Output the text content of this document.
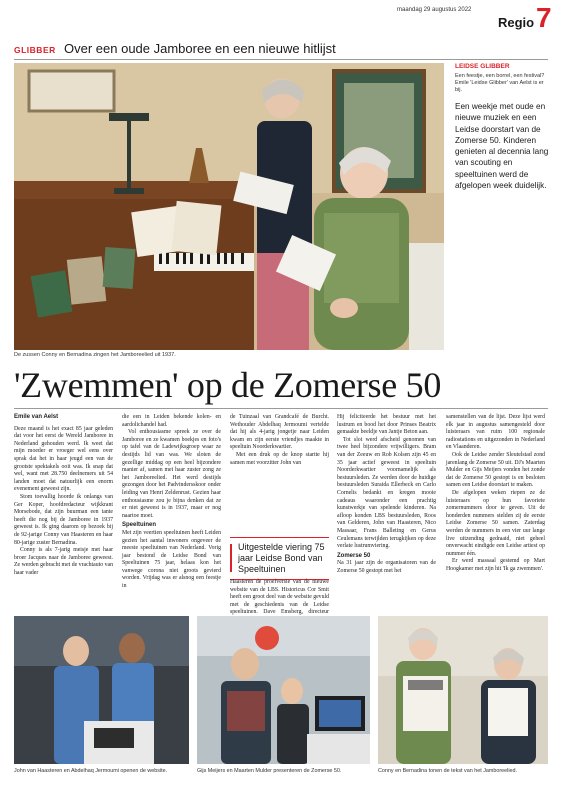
maandag 29 augustus 2022
Regio 7
GLIBBER Over een oude Jamboree en een nieuwe hitlijst
De zussen Conny en Bernadina zingen het Jamboreelied uit 1937.
LEIDSE GLIBBER
Een feestje, een borrel, een festival? Emile 'Leidse Glibber' van Aelst is er bij.
Een weekje met oude en nieuwe muziek en een Leidse doorstart van de Zomerse 50. Kinderen genieten al decennia lang van scouting en speeltuinen werd de afgelopen week duidelijk.
'Zwemmen' op de Zomerse 50

Emile van Aelst

Deze maand is het exact 85 jaar geleden dat voor het eerst de Wereld Jamboree in Nederland gehouden werd. Ik weet dat mijn moeder er vroeger wel eens over sprak dat het in haar jeugd een van de grootste spektakels ooit was. Ik snap dat wel, want met 28.750 deelnemers uit 54 landen moet dat natuurlijk een enorm evenement geweest zijn.

Stom toevallig hoorde ik onlangs van Ger Koper, hoofdredacteur wijkkrant Morsebode, dat zijn buurman een tante heeft die nog bij de Jamboree in 1937 geweest is. Ik ging daarom op bezoek bij de 92-jarige Conny van Haasteren en haar 80-jarige zuster Bernadina.

Conny is als 7-jarig meisje met haar broer Jacques naar de Jamboree geweest. Ze werden gebracht met de vrachtauto van haar vader

die een in Leiden bekende kolen- en aardolichandel had.

Vol enthousiasme spreek ze over de Jamboree en ze kwamen boekjes en foto's op tafel van de Ladewijksgroep waar ze destijds lid van was. We sloten de gezellige middag op een heel bijzondere manier af, samen met haar zuster zong ze het Jamboreelied. Het werd destijds gezongen door het Padvindersskoor onder leiding van Henri Zeldenrust. Gezien haar enthousiasme zou je bijna denken dat ze er niet geweest is in 1937, maar er nog naartoe moet.

Speeltuinen

Met zijn veertien speeltuinen heeft Leiden gezien het aantal inwoners ongeveer de meeste speeltuinen van Nederland. Vorig jaar bestond de Leidse Bond van Speeltuinen 75 jaar, helaas kon het vanwege corona niet groots gevierd worden. Vrijdag was er alsnog een feestje in

de Tuinzaal van Grandcafé de Burcht. Wethouder Abdelhaq Jermoumi vertelde dat hij als 4-jarig jongetje naar Leiden kwam en zijn eerste vriendjes maakte in speeltuin Noorderkwartier.

Met een druk op de knop startte hij samen met voorzitter John van

Uitgestelde viering 75 jaar Leidse Bond van Speeltuinen

Haasteren de proefversie van de nieuwe website van de LBS. Historicus Cor Smit heeft een groot deel van de website gevuld met de geschiedenis van de Leidse speeltuinen. Dave Emsberg, directeur

Hij feliciteerde het bestuur met het lustrum en bood het door Prinses Beatrix gemaakte beeldje van Jantje Beton aan.

Tot slot werd afscheid genomen van twee heel bijzondere vrijwilligers. Bram van der Zeeuw en Rob Kolsen zijn 45 en 35 jaar actief geweest in speeltuin Noorderkwartier voornamelijk als bestuursleden. Ze werden door de huidige bestuursleden Suraida Ellerbeck en Carlo Cornelis bedankt en kregen mooie cadeaus waaronder een prachtig kunstwerkje van spelende kinderen. Na afloop konden LBS bestuursleden, Roos van Gelderen, John van Haasteren, Nico Massaar, Frans Balleting en Gerus Ceulemans terwijlden terugkijken op deze verlate lustrumviering.

Zomerse 50

Na 31 jaar zijn de organisatoren van de Zomerse 50 gestopt met het

samenstellen van de lijst. Deze lijst werd elk jaar in augustus samengesteld door luisteraars van ruim 100 regionale radiostations en uitgezonden in Nederland en Vlaanderen.

Ook de Leidse zender Sleutelstad zond jarenlang de Zomerse 50 uit. DJ's Maarten Mulder en Gijs Meijers vonden het zonde dat de Zomerse 50 gestopt is en besloten samen een Leidse doorstart te maken.

De afgelopen weken riepen ze de luisteraars op hun favoriete zomernummers door te geven. Uit de honderden nummers stelden zij de eerste Leidse Zomerse 50 samen. Zaterdag werden de nummers in een vier uur lange live uitzending gedraaid, niet geheel onverwacht eindigde een Leidse artiest op nummer één.

Er werd massaal gestemd op Mart Hoogkamer met zijn hit 'Ik ga zwemmen'.

John van Haasteren en Abdelhaq Jermoumi openen de website.	Gijs Meijers en Maarten Mulder presenteren de Zomerse 50.	Conny en Bernadina tonen de tekst van het Jamboreelied.
